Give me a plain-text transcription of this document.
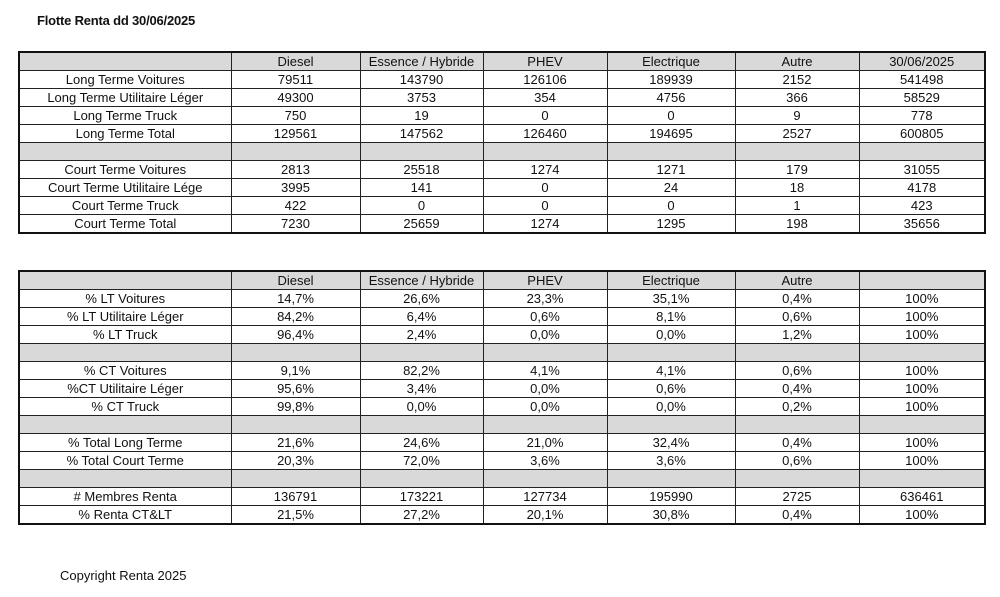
Flotte Renta dd 30/06/2025
	Diesel	Essence / Hybride	PHEV	Electrique	Autre	30/06/2025
Long Terme Voitures	79511	143790	126106	189939	2152	541498
Long Terme Utilitaire Léger	49300	3753	354	4756	366	58529
Long Terme Truck	750	19	0	0	9	778
Long Terme Total	129561	147562	126460	194695	2527	600805

Court Terme Voitures	2813	25518	1274	1271	179	31055
Court Terme Utilitaire Lége	3995	141	0	24	18	4178
Court Terme Truck	422	0	0	0	1	423
Court Terme Total	7230	25659	1274	1295	198	35656
	Diesel	Essence / Hybride	PHEV	Electrique	Autre	
% LT Voitures	14,7%	26,6%	23,3%	35,1%	0,4%	100%
% LT Utilitaire Léger	84,2%	6,4%	0,6%	8,1%	0,6%	100%
% LT Truck	96,4%	2,4%	0,0%	0,0%	1,2%	100%

% CT Voitures	9,1%	82,2%	4,1%	4,1%	0,6%	100%
%CT Utilitaire Léger	95,6%	3,4%	0,0%	0,6%	0,4%	100%
% CT Truck	99,8%	0,0%	0,0%	0,0%	0,2%	100%

% Total Long Terme	21,6%	24,6%	21,0%	32,4%	0,4%	100%
% Total Court Terme	20,3%	72,0%	3,6%	3,6%	0,6%	100%

# Membres Renta	136791	173221	127734	195990	2725	636461
% Renta CT&LT	21,5%	27,2%	20,1%	30,8%	0,4%	100%
Copyright Renta 2025
